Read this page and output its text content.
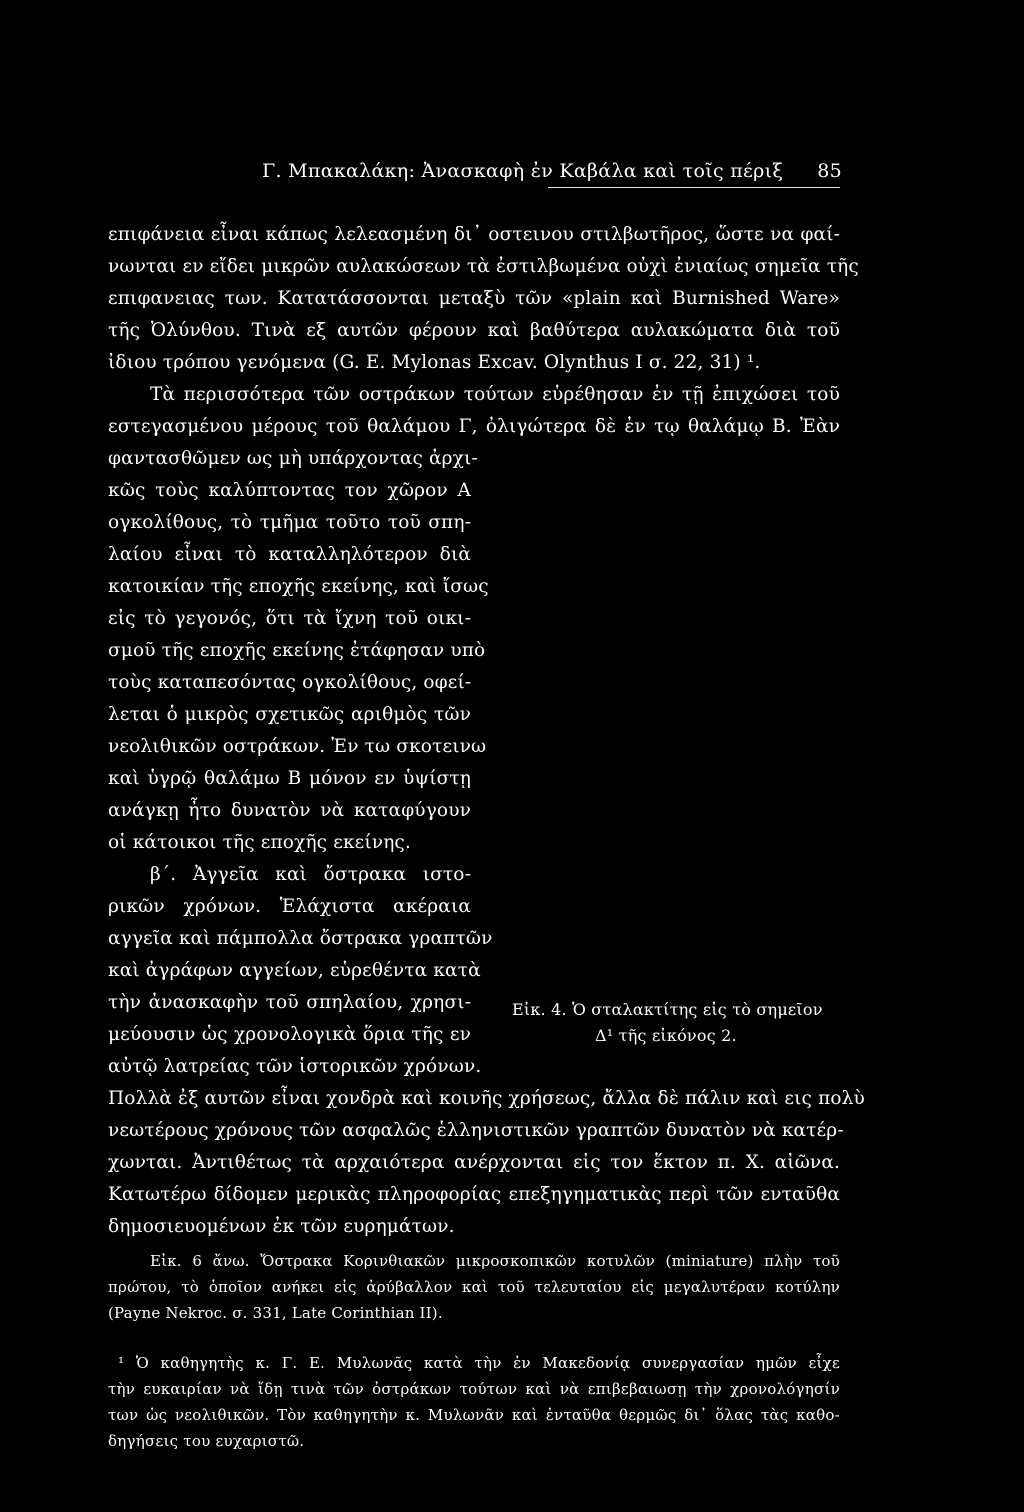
Γ. Μπακαλάκη: Ἀνασκαφὴ ἐν Καβάλα καὶ τοῖς πέριξ 85
επιφάνεια εἶναι κάπως λελεασμένη δι᾽ οστεινου στιλβωτῆρος, ὥστε να φαί-
νωνται εν εἴδει μικρῶν αυλακώσεων τὰ ἐστιλβωμένα οὐχὶ ἐνιαίως σημεῖα τῆς
επιφανειας των. Κατατάσσονται μεταξὺ τῶν «plain καὶ Burnished Ware»
τῆς Ὀλύνθου. Τινὰ εξ αυτῶν φέρουν καὶ βαθύτερα αυλακώματα διὰ τοῦ
ἰδιου τρόπου γενόμενα (G. E. Mylonas Excav. Olynthus I σ. 22, 31) ¹.
Τὰ περισσότερα τῶν οστράκων τούτων εὑρέθησαν ἐν τῇ ἐπιχώσει τοῦ
εστεγασμένου μέρους τοῦ θαλάμου Γ, ὀλιγώτερα δὲ ἐν τῳ θαλάμῳ Β. Ἐὰν
φαντασθῶμεν ως μὴ υπάρχοντας ἀρχι-
κῶς τοὺς καλύπτοντας τον χῶρον Α
ογκολίθους, τὸ τμῆμα τοῦτο τοῦ σπη-
λαίου εἶναι τὸ καταλληλότερον διὰ
κατοικίαν τῆς εποχῆς εκείνης, καὶ ἴσως
εἰς τὸ γεγονός, ὅτι τὰ ἴχνη τοῦ οικι-
σμοῦ τῆς εποχῆς εκείνης ἐτάφησαν υπὸ
τοὺς καταπεσόντας ογκολίθους, οφεί-
λεται ὁ μικρὸς σχετικῶς αριθμὸς τῶν
νεολιθικῶν οστράκων. Ἐν τω σκοτεινω
καὶ ὑγρῷ θαλάμω Β μόνον εν ὑψίστῃ
ανάγκῃ ἦτο δυνατὸν νὰ καταφύγουν
οἱ κάτοικοι τῆς εποχῆς εκείνης.
β΄. Ἀγγεῖα καὶ ὄστρακα ιστο-
ρικῶν χρόνων. Ἑλάχιστα ακέραια
αγγεῖα καὶ πάμπολλα ὄστρακα γραπτῶν
καὶ ἀγράφων αγγείων, εὑρεθέντα κατὰ
τὴν ἀνασκαφὴν τοῦ σπηλαίου, χρησι-
μεύουσιν ὡς χρονολογικὰ ὅρια τῆς εν
αὐτῷ λατρείας τῶν ἱστορικῶν χρόνων.
Εἰκ. 4. Ὁ σταλακτίτης εἰς τὸ σημεῖον
Δ¹ τῆς εἰκόνος 2.
Πολλὰ ἐξ αυτῶν εἶναι χονδρὰ καὶ κοινῆς χρήσεως, ἄλλα δὲ πάλιν καὶ εις πολὺ
νεωτέρους χρόνους τῶν ασφαλῶς ἑλληνιστικῶν γραπτῶν δυνατὸν νὰ κατέρ-
χωνται. Ἀντιθέτως τὰ αρχαιότερα ανέρχονται εἰς τον ἕκτον π. Χ. αἰῶνα.
Κατωτέρω δίδομεν μερικὰς πληροφορίας επεξηγηματικὰς περὶ τῶν ενταῦθα
δημοσιευομένων ἐκ τῶν ευρημάτων.
Εἰκ. 6 ἄνω. Ὄστρακα Κορινθιακῶν μικροσκοπικῶν κοτυλῶν (miniature) πλὴν τοῦ
πρώτου, τὸ ὁποῖον ανήκει εἰς ἀρύβαλλον καὶ τοῦ τελευταίου εἰς μεγαλυτέραν κοτύλην
(Payne Nekroc. σ. 331, Late Corinthian II).
¹ Ὁ καθηγητὴς κ. Γ. Ε. Μυλωνᾶς κατὰ τὴν ἐν Μακεδονίᾳ συνεργασίαν ημῶν εἶχε
τὴν ευκαιρίαν νὰ ἴδῃ τινὰ τῶν ὀστράκων τούτων καὶ νὰ επιβεβαιωσῃ τὴν χρονολόγησίν
των ὡς νεολιθικῶν. Τὸν καθηγητὴν κ. Μυλωνᾶν καὶ ἐνταῦθα θερμῶς δι᾽ ὅλας τὰς καθο-
δηγήσεις του ευχαριστῶ.
